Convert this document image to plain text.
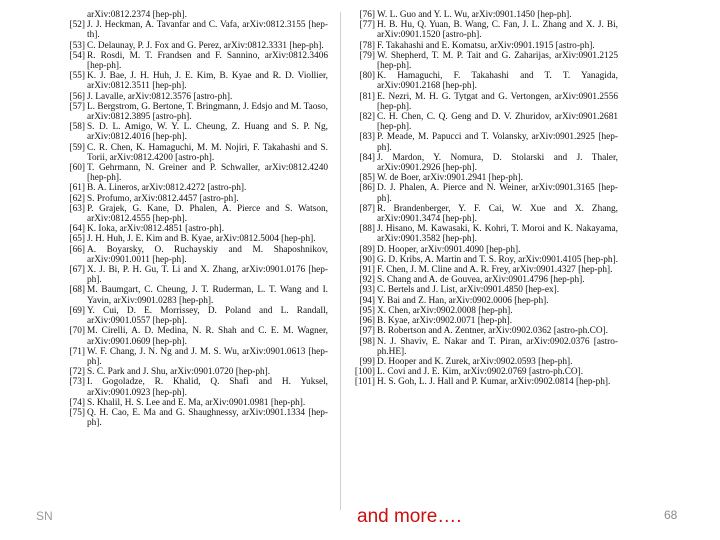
arXiv:0812.2374 [hep-ph].
[52] J. J. Heckman, A. Tavanfar and C. Vafa, arXiv:0812.3155 [hep-th].
[53] C. Delaunay, P. J. Fox and G. Perez, arXiv:0812.3331 [hep-ph].
[54] R. Rosdi, M. T. Frandsen and F. Sannino, arXiv:0812.3406 [hep-ph].
[55] K. J. Bae, J. H. Huh, J. E. Kim, B. Kyae and R. D. Viollier, arXiv:0812.3511 [hep-ph].
[56] J. Lavalle, arXiv:0812.3576 [astro-ph].
[57] L. Bergstrom, G. Bertone, T. Bringmann, J. Edsjo and M. Taoso, arXiv:0812.3895 [astro-ph].
[58] S. D. L. Amigo, W. Y. L. Cheung, Z. Huang and S. P. Ng, arXiv:0812.4016 [hep-ph].
[59] C. R. Chen, K. Hamaguchi, M. M. Nojiri, F. Takahashi and S. Torii, arXiv:0812.4200 [astro-ph].
[60] T. Gehrmann, N. Greiner and P. Schwaller, arXiv:0812.4240 [hep-ph].
[61] B. A. Lineros, arXiv:0812.4272 [astro-ph].
[62] S. Profumo, arXiv:0812.4457 [astro-ph].
[63] P. Grajek, G. Kane, D. Phalen, A. Pierce and S. Watson, arXiv:0812.4555 [hep-ph].
[64] K. Ioka, arXiv:0812.4851 [astro-ph].
[65] J. H. Huh, J. E. Kim and B. Kyae, arXiv:0812.5004 [hep-ph].
[66] A. Boyarsky, O. Ruchayskiy and M. Shaposhnikov, arXiv:0901.0011 [hep-ph].
[67] X. J. Bi, P. H. Gu, T. Li and X. Zhang, arXiv:0901.0176 [hep-ph].
[68] M. Baumgart, C. Cheung, J. T. Ruderman, L. T. Wang and I. Yavin, arXiv:0901.0283 [hep-ph].
[69] Y. Cui, D. E. Morrissey, D. Poland and L. Randall, arXiv:0901.0557 [hep-ph].
[70] M. Cirelli, A. D. Medina, N. R. Shah and C. E. M. Wagner, arXiv:0901.0609 [hep-ph].
[71] W. F. Chang, J. N. Ng and J. M. S. Wu, arXiv:0901.0613 [hep-ph].
[72] S. C. Park and J. Shu, arXiv:0901.0720 [hep-ph].
[73] I. Gogoladze, R. Khalid, Q. Shafi and H. Yuksel, arXiv:0901.0923 [hep-ph].
[74] S. Khalil, H. S. Lee and E. Ma, arXiv:0901.0981 [hep-ph].
[75] Q. H. Cao, E. Ma and G. Shaughnessy, arXiv:0901.1334 [hep-ph].
[76] W. L. Guo and Y. L. Wu, arXiv:0901.1450 [hep-ph].
[77] H. B. Hu, Q. Yuan, B. Wang, C. Fan, J. L. Zhang and X. J. Bi, arXiv:0901.1520 [astro-ph].
[78] F. Takahashi and E. Komatsu, arXiv:0901.1915 [astro-ph].
[79] W. Shepherd, T. M. P. Tait and G. Zaharijas, arXiv:0901.2125 [hep-ph].
[80] K. Hamaguchi, F. Takahashi and T. T. Yanagida, arXiv:0901.2168 [hep-ph].
[81] E. Nezri, M. H. G. Tytgat and G. Vertongen, arXiv:0901.2556 [hep-ph].
[82] C. H. Chen, C. Q. Geng and D. V. Zhuridov, arXiv:0901.2681 [hep-ph].
[83] P. Meade, M. Papucci and T. Volansky, arXiv:0901.2925 [hep-ph].
[84] J. Mardon, Y. Nomura, D. Stolarski and J. Thaler, arXiv:0901.2926 [hep-ph].
[85] W. de Boer, arXiv:0901.2941 [hep-ph].
[86] D. J. Phalen, A. Pierce and N. Weiner, arXiv:0901.3165 [hep-ph].
[87] R. Brandenberger, Y. F. Cai, W. Xue and X. Zhang, arXiv:0901.3474 [hep-ph].
[88] J. Hisano, M. Kawasaki, K. Kohri, T. Moroi and K. Nakayama, arXiv:0901.3582 [hep-ph].
[89] D. Hooper, arXiv:0901.4090 [hep-ph].
[90] G. D. Kribs, A. Martin and T. S. Roy, arXiv:0901.4105 [hep-ph].
[91] F. Chen, J. M. Cline and A. R. Frey, arXiv:0901.4327 [hep-ph].
[92] S. Chang and A. de Gouvea, arXiv:0901.4796 [hep-ph].
[93] C. Bertels and J. List, arXiv:0901.4850 [hep-ex].
[94] Y. Bai and Z. Han, arXiv:0902.0006 [hep-ph].
[95] X. Chen, arXiv:0902.0008 [hep-ph].
[96] B. Kyae, arXiv:0902.0071 [hep-ph].
[97] B. Robertson and A. Zentner, arXiv:0902.0362 [astro-ph.CO].
[98] N. J. Shaviv, E. Nakar and T. Piran, arXiv:0902.0376 [astro-ph.HE].
[99] D. Hooper and K. Zurek, arXiv:0902.0593 [hep-ph].
[100] L. Covi and J. E. Kim, arXiv:0902.0769 [astro-ph.CO].
[101] H. S. Goh, L. J. Hall and P. Kumar, arXiv:0902.0814 [hep-ph].
SN	and more….	68
